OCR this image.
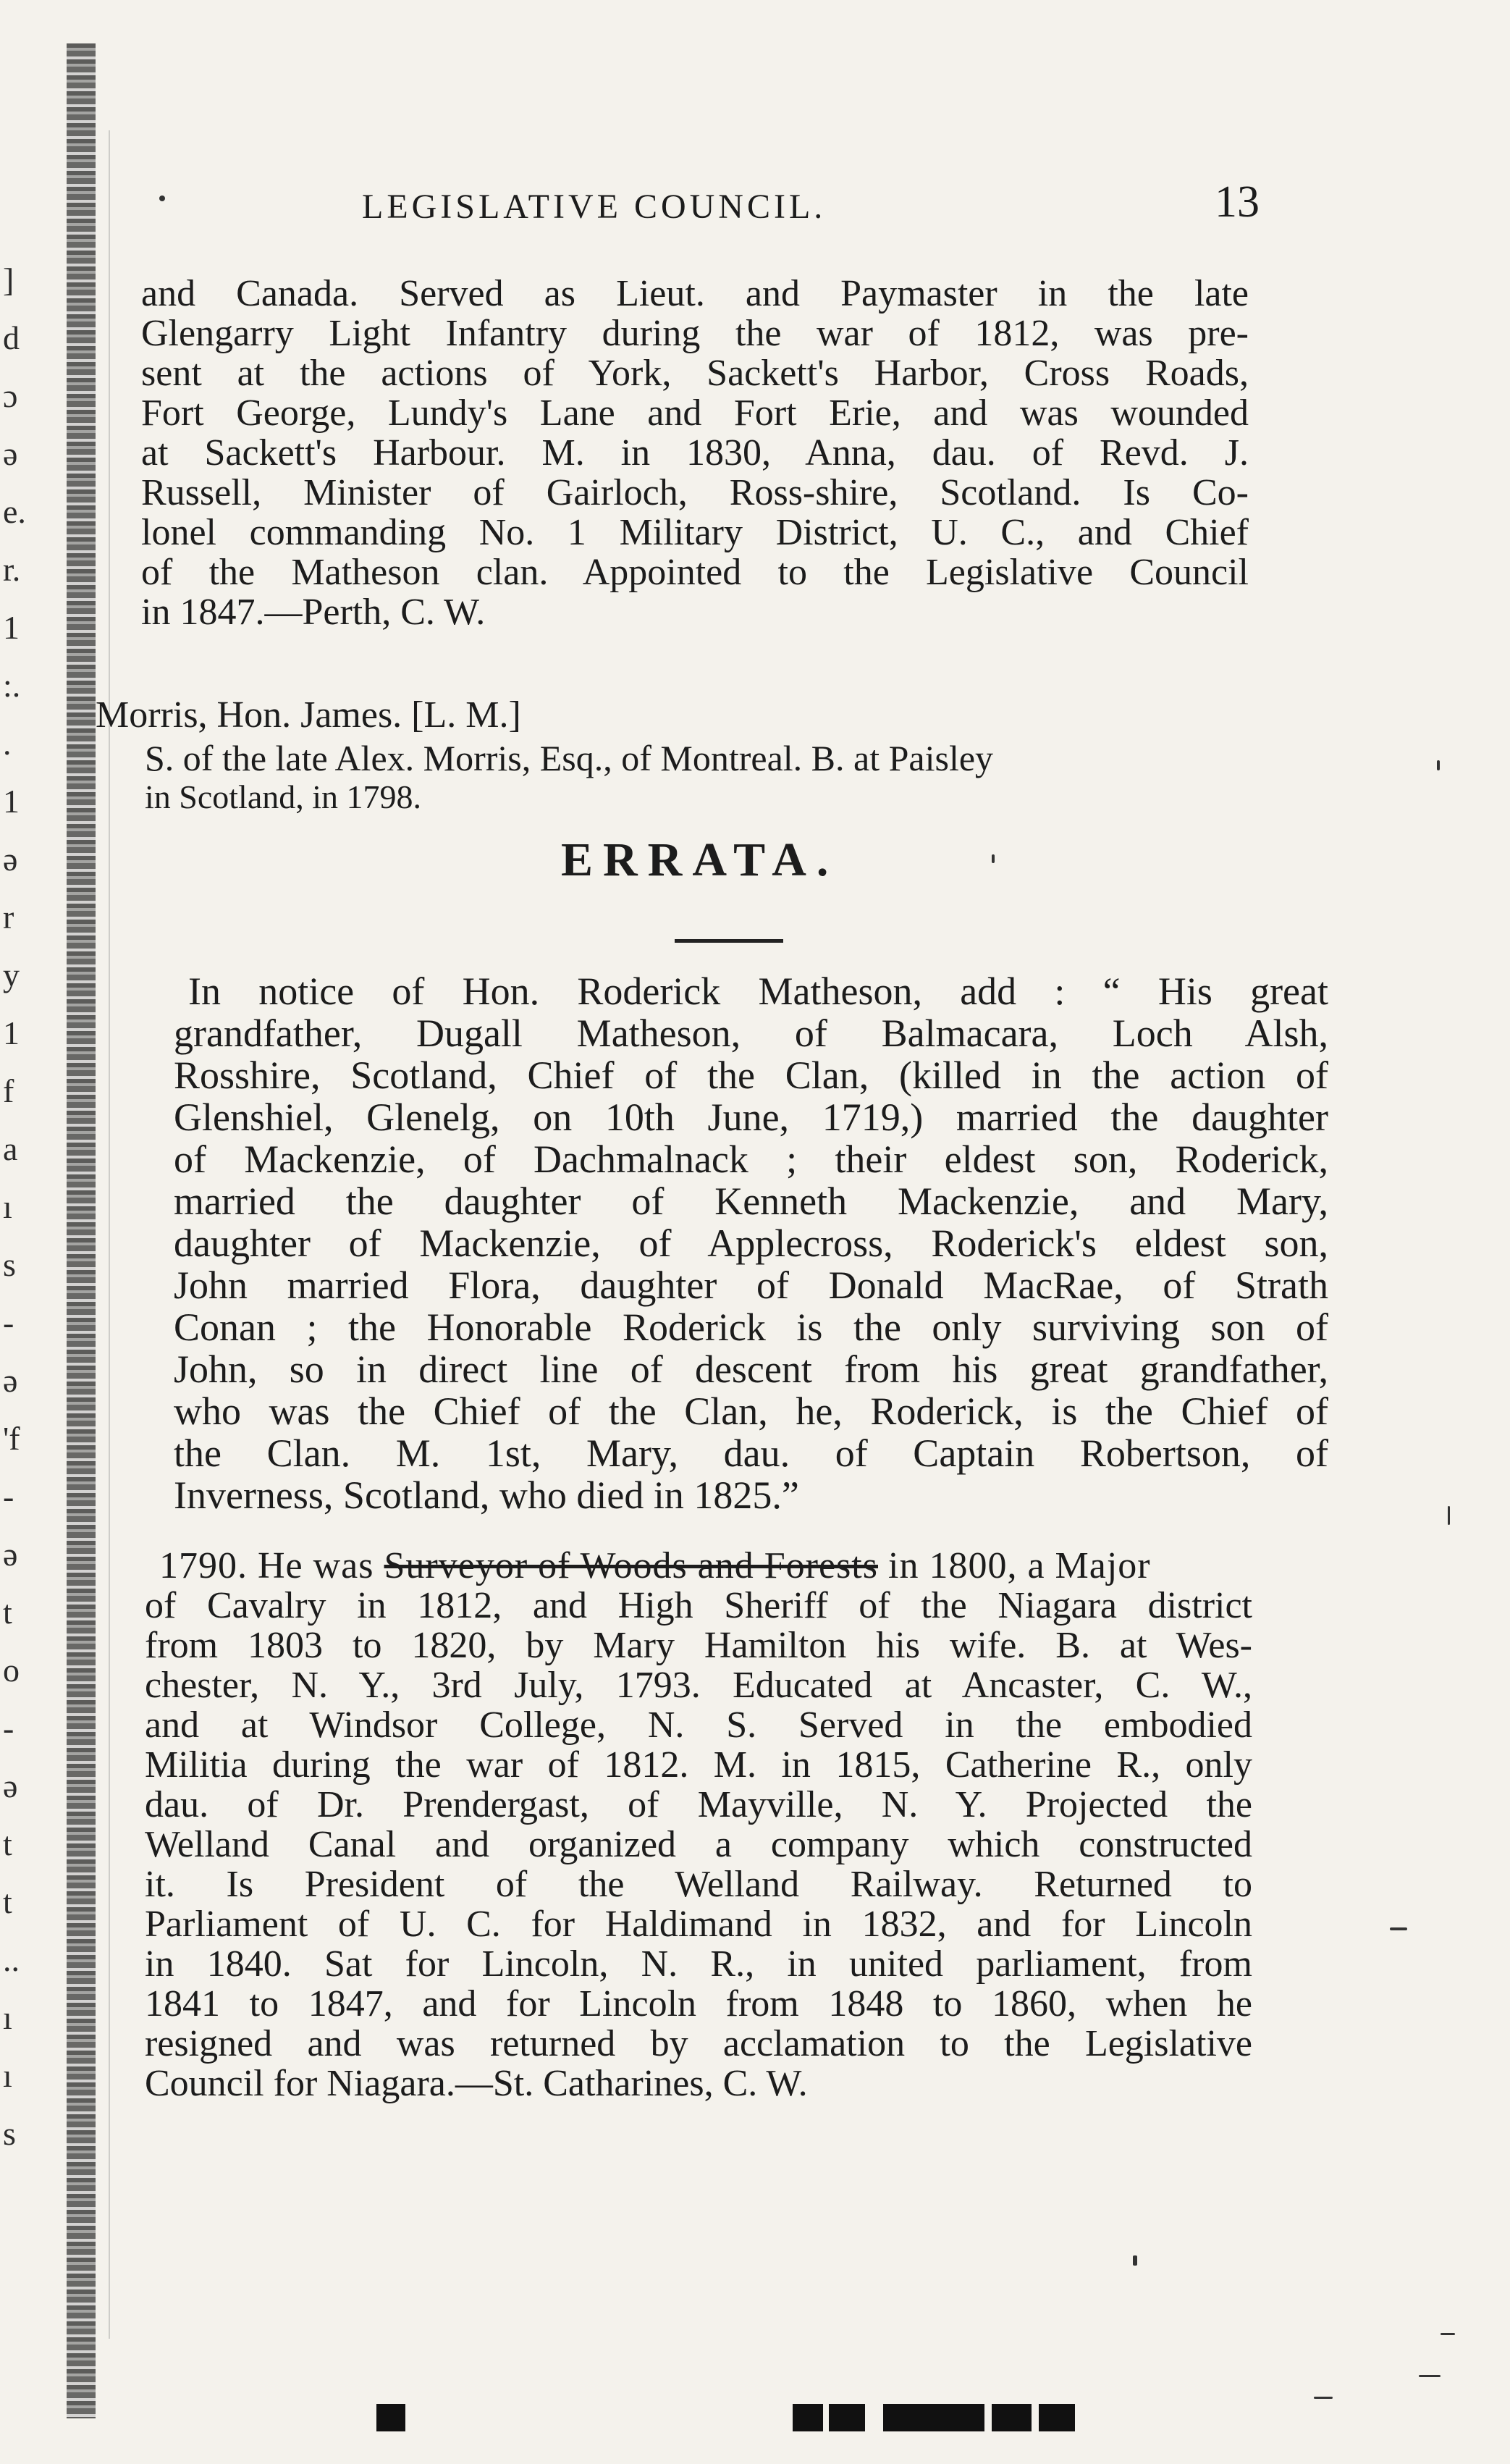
]
d
ɔ
ə
e.
r.
1
:.
.
1
ə
r
y
1
f
a
ı
s
-
ə
'f
-
ə
t
o
-
ə
t
t
..
ı
ı
s
LEGISLATIVE COUNCIL.	13

and Canada. Served as Lieut. and Paymaster in the late

Glengarry Light Infantry during the war of 1812, was pre-

sent at the actions of York, Sackett's Harbor, Cross Roads,

Fort George, Lundy's Lane and Fort Erie, and was wounded

at Sackett's Harbour. M. in 1830, Anna, dau. of Revd. J.

Russell, Minister of Gairloch, Ross-shire, Scotland. Is Co-

lonel commanding No. 1 Military District, U. C., and Chief

of the Matheson clan. Appointed to the Legislative Council

in 1847.—Perth, C. W.

Morris, Hon. James. [L. M.]
S. of the late Alex. Morris, Esq., of Montreal. B. at Paisley
in Scotland, in 1798.
ERRATA.

In notice of Hon. Roderick Matheson, add : “ His great

grandfather, Dugall Matheson, of Balmacara, Loch Alsh,

Rosshire, Scotland, Chief of the Clan, (killed in the action of

Glenshiel, Glenelg, on 10th June, 1719,) married the daughter

of Mackenzie, of Dachmalnack ; their eldest son, Roderick,

married the daughter of Kenneth Mackenzie, and Mary,

daughter of Mackenzie, of Applecross, Roderick's eldest son,

John married Flora, daughter of Donald MacRae, of Strath

Conan ; the Honorable Roderick is the only surviving son of

John, so in direct line of descent from his great grandfather,

who was the Chief of the Clan, he, Roderick, is the Chief of

the Clan. M. 1st, Mary, dau. of Captain Robertson, of

Inverness, Scotland, who died in 1825.”

1790. He was Surveyor of Woods and Forests in 1800, a Major

of Cavalry in 1812, and High Sheriff of the Niagara district

from 1803 to 1820, by Mary Hamilton his wife. B. at Wes-

chester, N. Y., 3rd July, 1793. Educated at Ancaster, C. W.,

and at Windsor College, N. S. Served in the embodied

Militia during the war of 1812. M. in 1815, Catherine R., only

dau. of Dr. Prendergast, of Mayville, N. Y. Projected the

Welland Canal and organized a company which constructed

it. Is President of the Welland Railway. Returned to

Parliament of U. C. for Haldimand in 1832, and for Lincoln

in 1840. Sat for Lincoln, N. R., in united parliament, from

1841 to 1847, and for Lincoln from 1848 to 1860, when he

resigned and was returned by acclamation to the Legislative

Council for Niagara.—St. Catharines, C. W.
